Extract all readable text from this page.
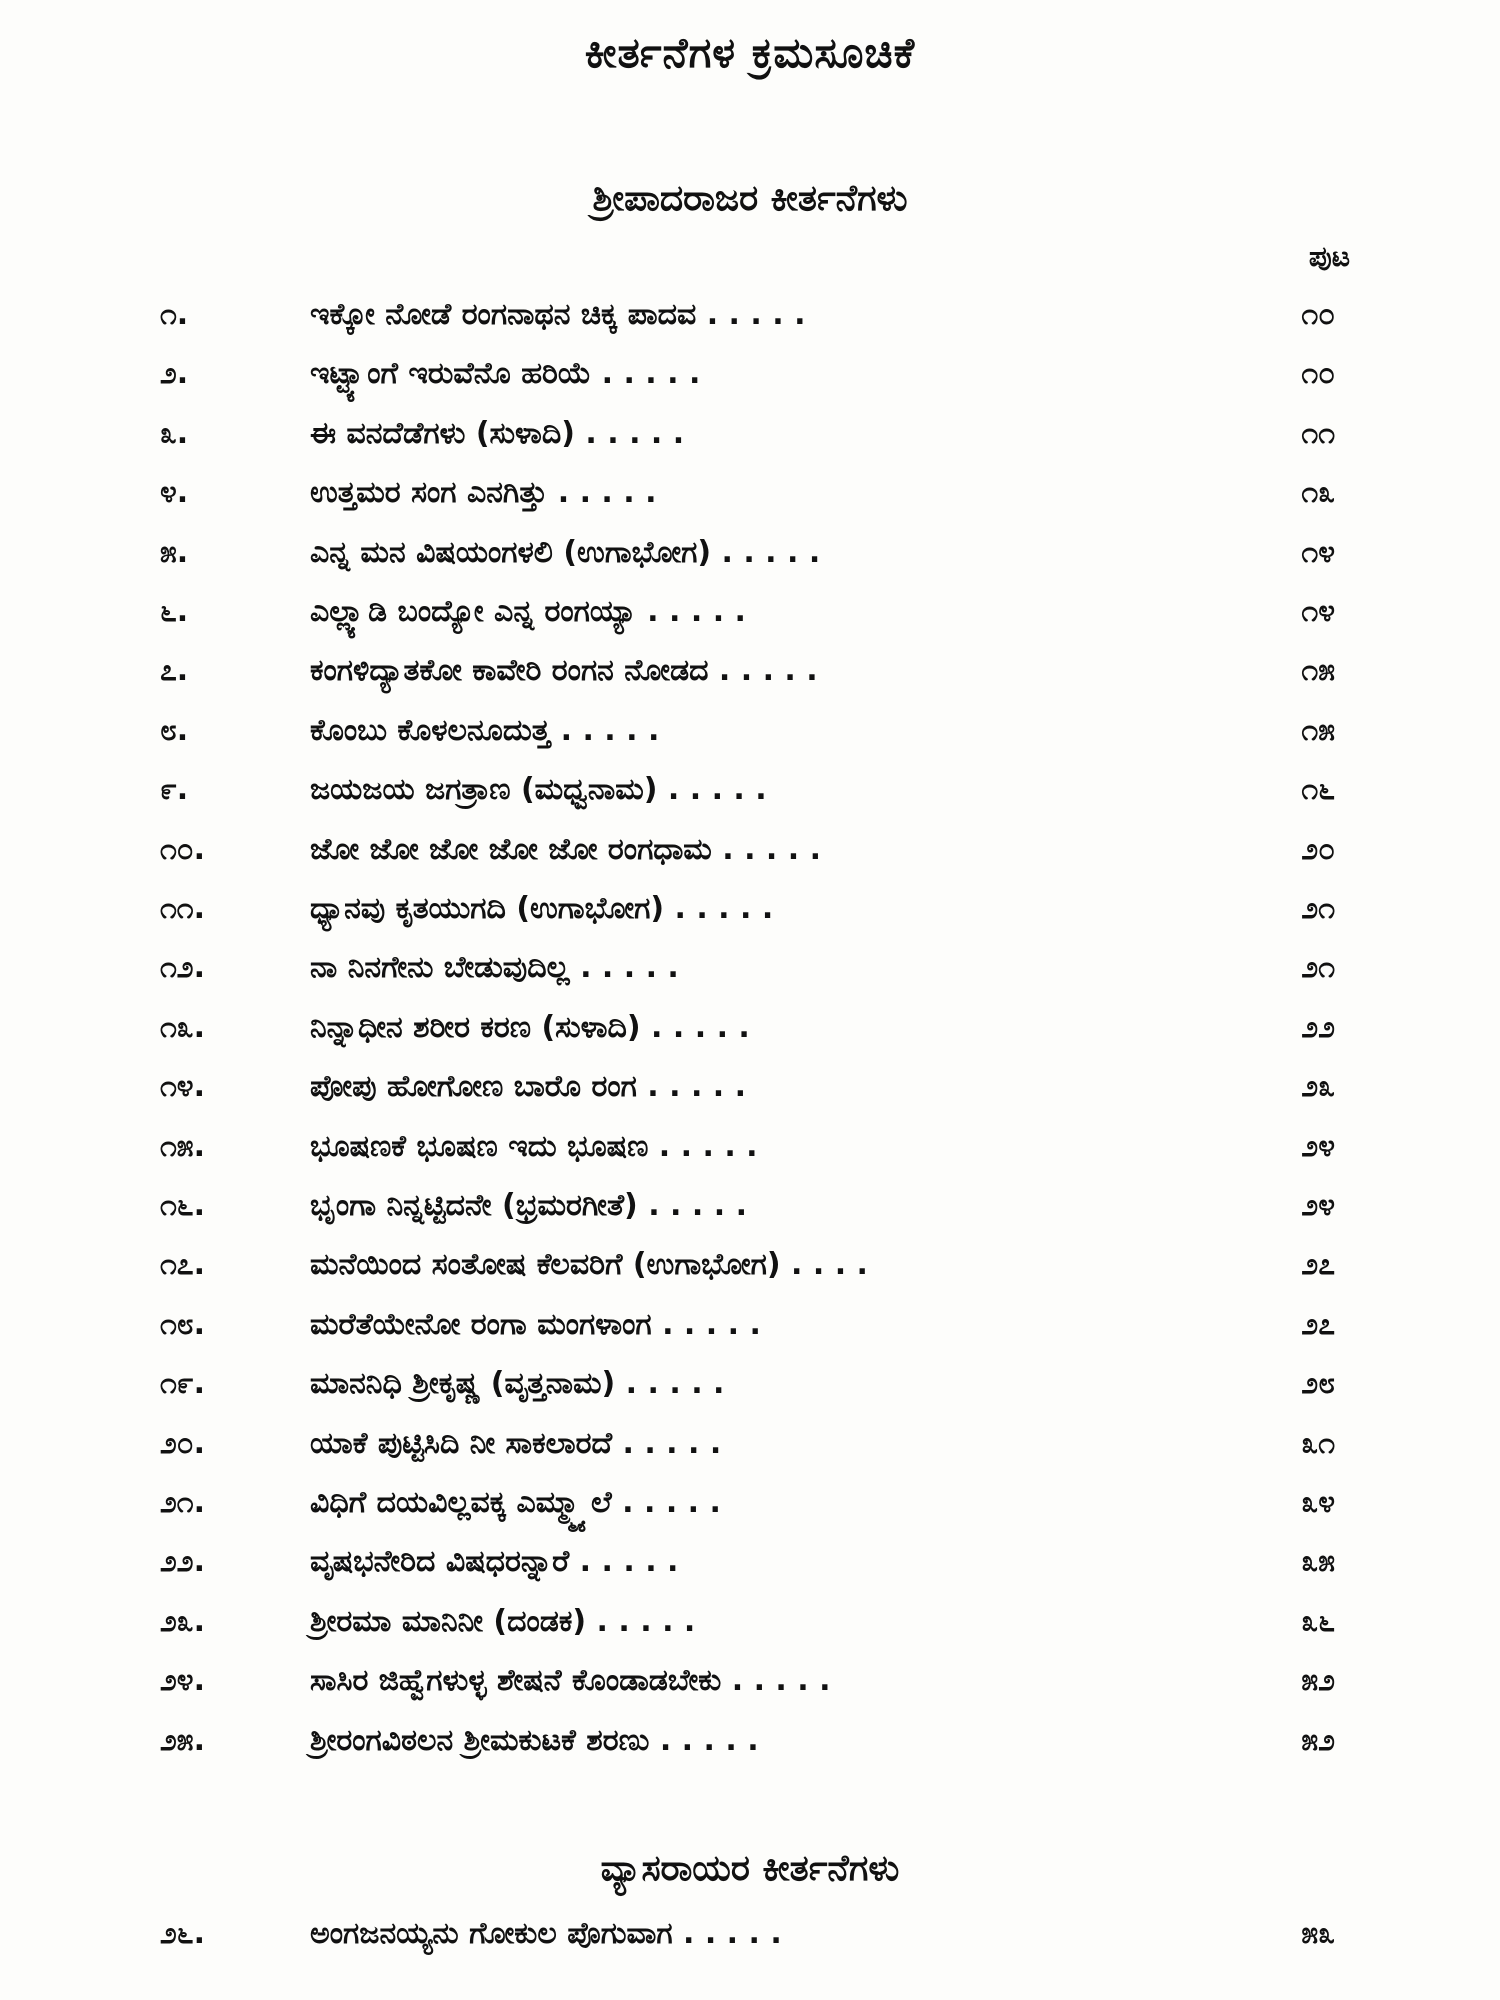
ಕೀರ್ತನೆಗಳ ಕ್ರಮಸೂಚಿಕೆ
ಶ್ರೀಪಾದರಾಜರ ಕೀರ್ತನೆಗಳು
ಪುಟ
೧.	ಇಕ್ಕೋ ನೋಡೆ ರಂಗನಾಥನ ಚಿಕ್ಕ ಪಾದವ . . . . .	೧೦
೨.	ಇಟ್ಟ್ಯಾಂಗೆ ಇರುವೆನೊ ಹರಿಯೆ . . . . .	೧೦
೩.	ಈ ವನದೆಡೆಗಳು (ಸುಳಾದಿ) . . . . .	೧೧
೪.	ಉತ್ತಮರ ಸಂಗ ಎನಗಿತ್ತು . . . . .	೧೩
೫.	ಎನ್ನ ಮನ ವಿಷಯಂಗಳಲಿ (ಉಗಾಭೋಗ) . . . . .	೧೪
೬.	ಎಲ್ಲ್ಯಾಡಿ ಬಂದ್ಯೋ ಎನ್ನ ರಂಗಯ್ಯಾ . . . . .	೧೪
೭.	ಕಂಗಳಿದ್ಯಾತಕೋ ಕಾವೇರಿ ರಂಗನ ನೋಡದ . . . . .	೧೫
೮.	ಕೊಂಬು ಕೊಳಲನೂದುತ್ತ . . . . .	೧೫
೯.	ಜಯಜಯ ಜಗತ್ರಾಣ (ಮಧ್ವನಾಮ) . . . . .	೧೬
೧೦.	ಜೋ ಜೋ ಜೋ ಜೋ ಜೋ ರಂಗಧಾಮ . . . . .	೨೦
೧೧.	ಧ್ಯಾನವು ಕೃತಯುಗದಿ (ಉಗಾಭೋಗ) . . . . .	೨೧
೧೨.	ನಾ ನಿನಗೇನು ಬೇಡುವುದಿಲ್ಲ . . . . .	೨೧
೧೩.	ನಿನ್ನಾಧೀನ ಶರೀರ ಕರಣ (ಸುಳಾದಿ) . . . . .	೨೨
೧೪.	ಪೋಪು ಹೋಗೋಣ ಬಾರೊ ರಂಗ . . . . .	೨೩
೧೫.	ಭೂಷಣಕೆ ಭೂಷಣ ಇದು ಭೂಷಣ . . . . .	೨೪
೧೬.	ಭೃಂಗಾ ನಿನ್ನಟ್ಟಿದನೇ (ಭ್ರಮರಗೀತೆ) . . . . .	೨೪
೧೭.	ಮನೆಯಿಂದ ಸಂತೋಷ ಕೆಲವರಿಗೆ (ಉಗಾಭೋಗ) . . . .	೨೭
೧೮.	ಮರೆತೆಯೇನೋ ರಂಗಾ ಮಂಗಳಾಂಗ . . . . .	೨೭
೧೯.	ಮಾನನಿಧಿ ಶ್ರೀಕೃಷ್ಣ (ವೃತ್ತನಾಮ) . . . . .	೨೮
೨೦.	ಯಾಕೆ ಪುಟ್ಟಿಸಿದಿ ನೀ ಸಾಕಲಾರದೆ . . . . .	೩೧
೨೧.	ವಿಧಿಗೆ ದಯವಿಲ್ಲವಕ್ಕ ಎಮ್ಮ್ಮ್ಯಾಲೆ . . . . .	೩೪
೨೨.	ವೃಷಭನೇರಿದ ವಿಷಧರನ್ನಾರೆ . . . . .	೩೫
೨೩.	ಶ್ರೀರಮಾ ಮಾನಿನೀ (ದಂಡಕ) . . . . .	೩೬
೨೪.	ಸಾಸಿರ ಜಿಹ್ವೆಗಳುಳ್ಳ ಶೇಷನೆ ಕೊಂಡಾಡಬೇಕು . . . . .	೫೨
೨೫.	ಶ್ರೀರಂಗವಿಠಲನ ಶ್ರೀಮಕುಟಕೆ ಶರಣು . . . . .	೫೨
ವ್ಯಾಸರಾಯರ ಕೀರ್ತನೆಗಳು
೨೬.	ಅಂಗಜನಯ್ಯನು ಗೋಕುಲ ಪೊಗುವಾಗ . . . . .	೫೩
